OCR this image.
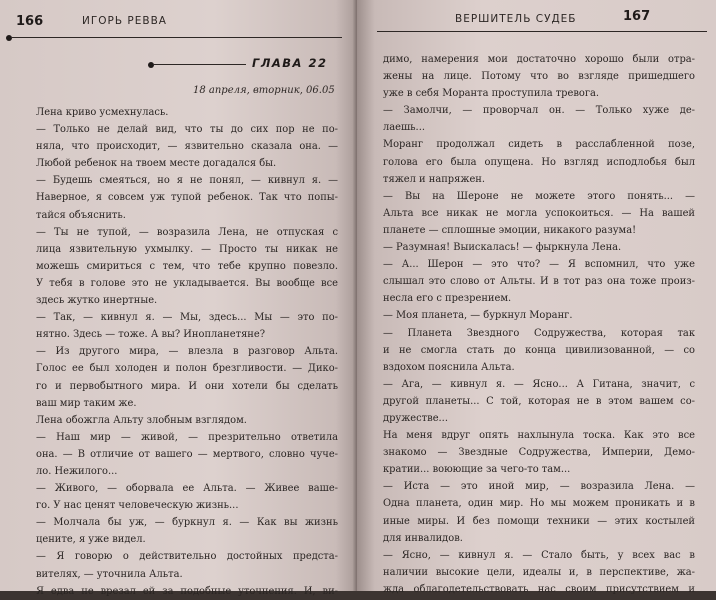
166	ИГОРЬ РЕВВА
ГЛАВА 22
18 апреля, вторник, 06.05
Лена криво усмехнулась.
— Только не делай вид, что ты до сих пор не по-
няла, что происходит, — язвительно сказала она. —
Любой ребенок на твоем месте догадался бы.
— Будешь смеяться, но я не понял, — кивнул я. —
Наверное, я совсем уж тупой ребенок. Так что попы-
тайся объяснить.
— Ты не тупой, — возразила Лена, не отпуская с
лица язвительную ухмылку. — Просто ты никак не
можешь смириться с тем, что тебе крупно повезло.
У тебя в голове это не укладывается. Вы вообще все
здесь жутко инертные.
— Так, — кивнул я. — Мы, здесь... Мы — это по-
нятно. Здесь — тоже. А вы? Инопланетяне?
— Из другого мира, — влезла в разговор Альта.
Голос ее был холоден и полон брезгливости. — Дико-
го и первобытного мира. И они хотели бы сделать
ваш мир таким же.
Лена обожгла Альту злобным взглядом.
— Наш мир — живой, — презрительно ответила
она. — В отличие от вашего — мертвого, словно чуче-
ло. Нежилого...
— Живого, — оборвала ее Альта. — Живее ваше-
го. У нас ценят человеческую жизнь...
— Молчала бы уж, — буркнул я. — Как вы жизнь
цените, я уже видел.
— Я говорю о действительно достойных предста-
вителях, — уточнила Альта.
Я едва не врезал ей за подобные уточнения. И, ви-
ВЕРШИТЕЛЬ СУДЕБ	167
димо, намерения мои достаточно хорошо были отра-
жены на лице. Потому что во взгляде пришедшего
уже в себя Моранта проступила тревога.
— Замолчи, — проворчал он. — Только хуже де-
лаешь...
Моранг продолжал сидеть в расслабленной позе,
голова его была опущена. Но взгляд исподлобья был
тяжел и напряжен.
— Вы на Шероне не можете этого понять... —
Альта все никак не могла успокоиться. — На вашей
планете — сплошные эмоции, никакого разума!
— Разумная! Выискалась! — фыркнула Лена.
— А... Шерон — это что? — Я вспомнил, что уже
слышал это слово от Альты. И в тот раз она тоже произ-
несла его с презрением.
— Моя планета, — буркнул Моранг.
— Планета Звездного Содружества, которая так
и не смогла стать до конца цивилизованной, — со
вздохом пояснила Альта.
— Ага, — кивнул я. — Ясно... А Гитана, значит, с
другой планеты... С той, которая не в этом вашем со-
дружестве...
На меня вдруг опять нахлынула тоска. Как это все
знакомо — Звездные Содружества, Империи, Демо-
кратии... воюющие за чего-то там...
— Иста — это иной мир, — возразила Лена. —
Одна планета, один мир. Но мы можем проникать и в
иные миры. И без помощи техники — этих костылей
для инвалидов.
— Ясно, — кивнул я. — Стало быть, у всех вас в
наличии высокие цели, идеалы и, в перспективе, жа-
жда облагодетельствовать нас своим присутствием и
